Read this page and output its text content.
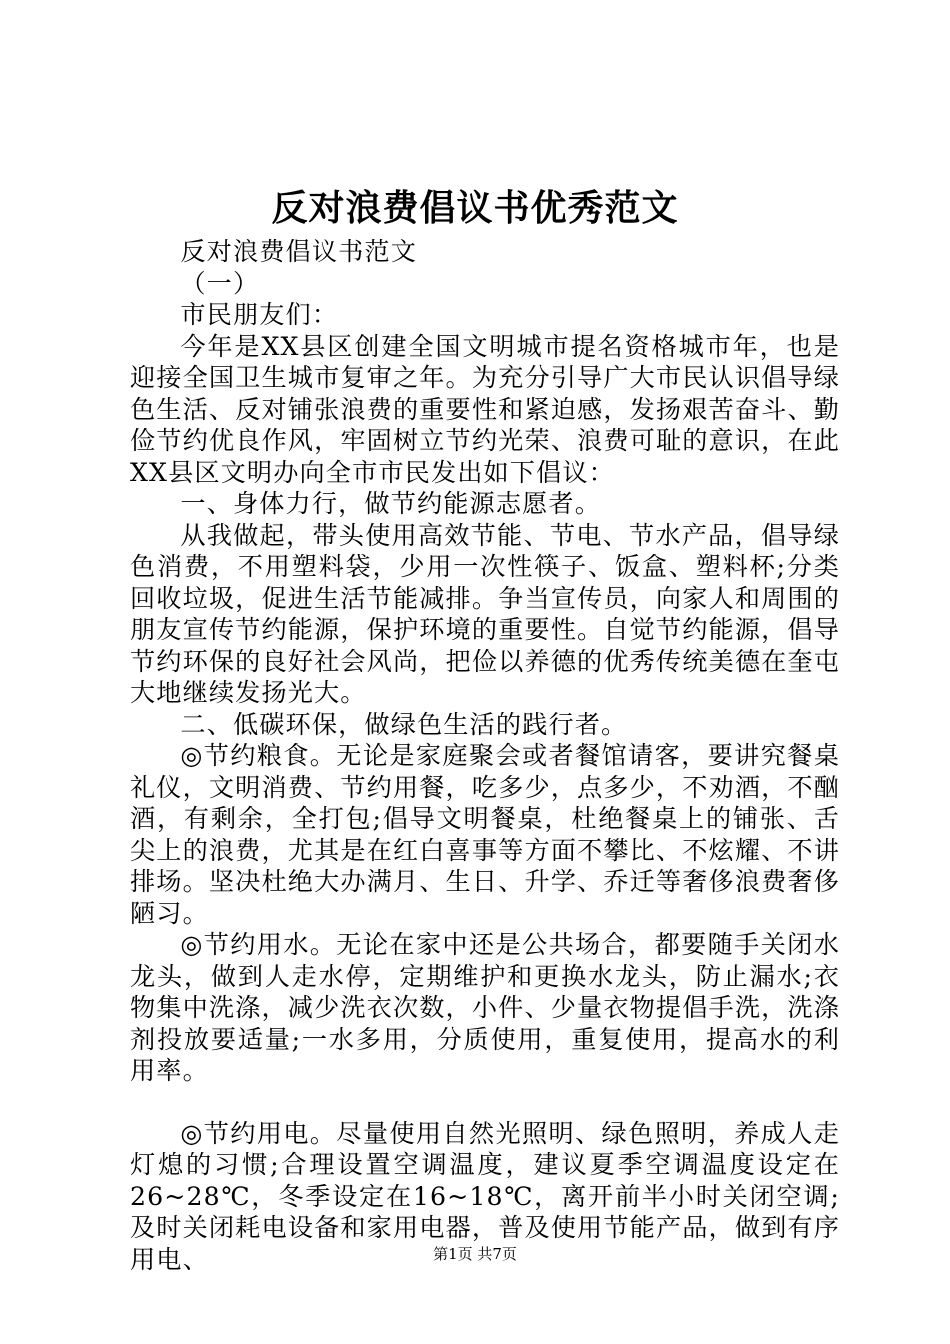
反对浪费倡议书优秀范文

反对浪费倡议书范文

（一）

市民朋友们：

今年是XX县区创建全国文明城市提名资格城市年，也是迎接全国卫生城市复审之年。为充分引导广大市民认识倡导绿色生活、反对铺张浪费的重要性和紧迫感，发扬艰苦奋斗、勤俭节约优良作风，牢固树立节约光荣、浪费可耻的意识，在此XX县区文明办向全市市民发出如下倡议：

一、身体力行，做节约能源志愿者。

从我做起，带头使用高效节能、节电、节水产品，倡导绿色消费，不用塑料袋，少用一次性筷子、饭盒、塑料杯;分类回收垃圾，促进生活节能减排。争当宣传员，向家人和周围的朋友宣传节约能源，保护环境的重要性。自觉节约能源，倡导节约环保的良好社会风尚，把俭以养德的优秀传统美德在奎屯大地继续发扬光大。

二、低碳环保，做绿色生活的践行者。

◎节约粮食。无论是家庭聚会或者餐馆请客，要讲究餐桌礼仪，文明消费、节约用餐，吃多少，点多少，不劝酒，不酗酒，有剩余，全打包;倡导文明餐桌，杜绝餐桌上的铺张、舌尖上的浪费，尤其是在红白喜事等方面不攀比、不炫耀、不讲排场。坚决杜绝大办满月、生日、升学、乔迁等奢侈浪费奢侈陋习。

◎节约用水。无论在家中还是公共场合，都要随手关闭水龙头，做到人走水停，定期维护和更换水龙头，防止漏水;衣物集中洗涤，减少洗衣次数，小件、少量衣物提倡手洗，洗涤剂投放要适量;一水多用，分质使用，重复使用，提高水的利用率。

◎节约用电。尽量使用自然光照明、绿色照明，养成人走灯熄的习惯;合理设置空调温度，建议夏季空调温度设定在26~28℃，冬季设定在16~18℃，离开前半小时关闭空调;及时关闭耗电设备和家用电器，普及使用节能产品，做到有序用电、	第1页 共7页
